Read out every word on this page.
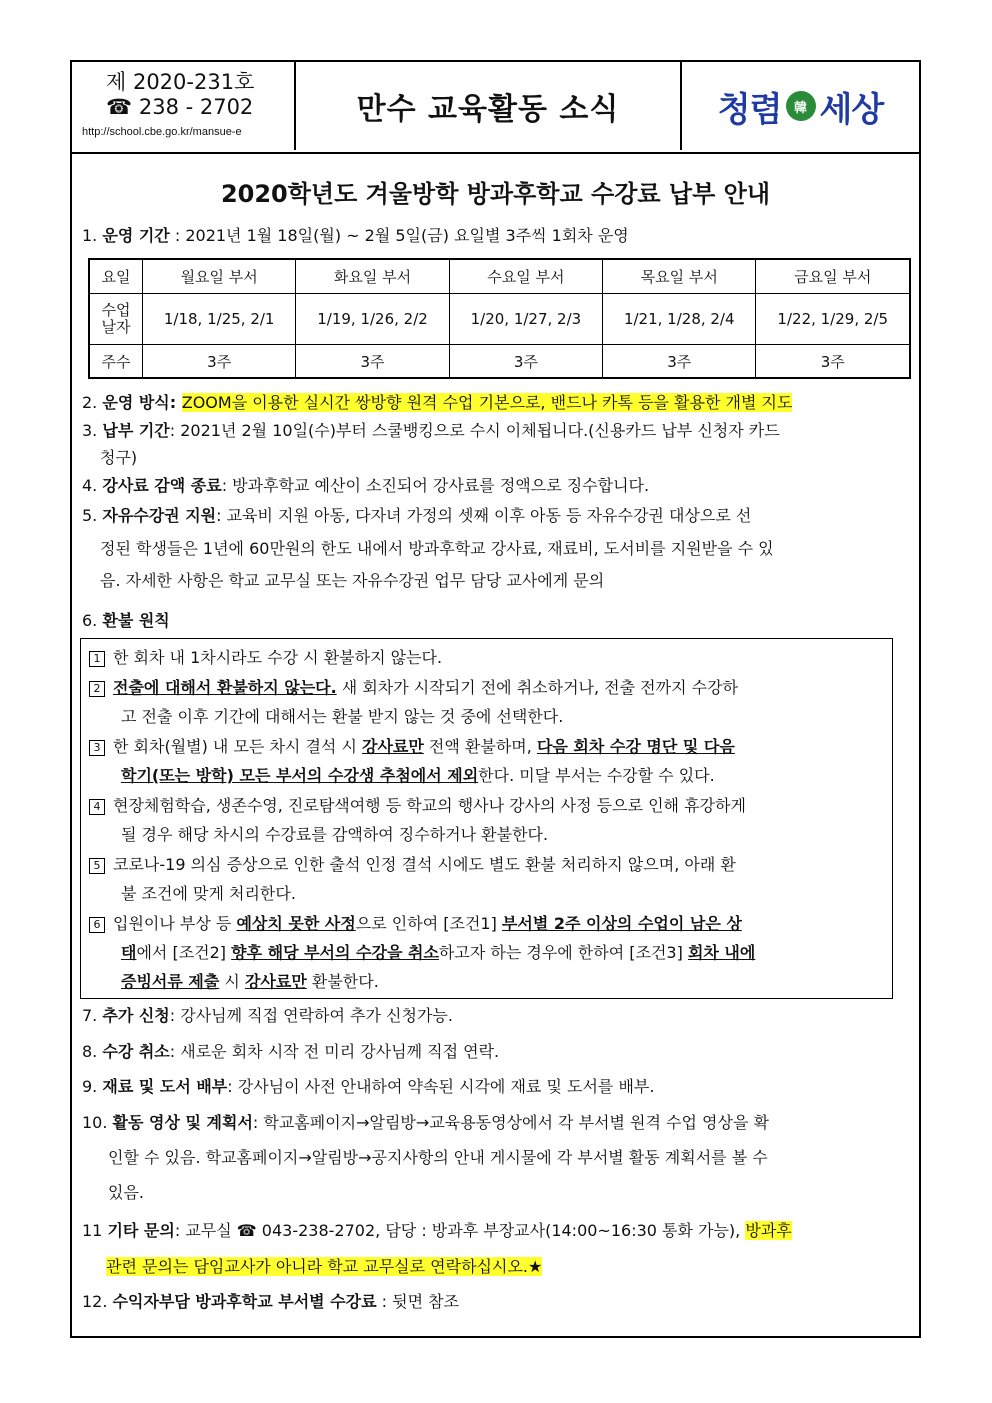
제 2020-231호
☎ 238 - 2702
http://school.cbe.go.kr/mansue-e
만수 교육활동 소식	청렴 韓 세상
2020학년도 겨울방학 방과후학교 수강료 납부 안내
1. 운영 기간 : 2021년 1월 18일(월) ~ 2월 5일(금) 요일별 3주씩 1회차 운영
요일	월요일 부서	화요일 부서	수요일 부서	목요일 부서	금요일 부서
수업
날자	1/18, 1/25, 2/1	1/19, 1/26, 2/2	1/20, 1/27, 2/3	1/21, 1/28, 2/4	1/22, 1/29, 2/5
주수	3주	3주	3주	3주	3주
2. 운영 방식: ZOOM을 이용한 실시간 쌍방향 원격 수업 기본으로, 밴드나 카톡 등을 활용한 개별 지도
3. 납부 기간: 2021년 2월 10일(수)부터 스쿨뱅킹으로 수시 이체됩니다.(신용카드 납부 신청자 카드
청구)
4. 강사료 감액 종료: 방과후학교 예산이 소진되어 강사료를 정액으로 징수합니다.
5. 자유수강권 지원: 교육비 지원 아동, 다자녀 가정의 셋째 이후 아동 등 자유수강권 대상으로 선
정된 학생들은 1년에 60만원의 한도 내에서 방과후학교 강사료, 재료비, 도서비를 지원받을 수 있
음. 자세한 사항은 학교 교무실 또는 자유수강권 업무 담당 교사에게 문의
6. 환불 원칙
1 한 회차 내 1차시라도 수강 시 환불하지 않는다.
2 전출에 대해서 환불하지 않는다. 새 회차가 시작되기 전에 취소하거나, 전출 전까지 수강하
고 전출 이후 기간에 대해서는 환불 받지 않는 것 중에 선택한다.
3 한 회차(월별) 내 모든 차시 결석 시 강사료만 전액 환불하며, 다음 회차 수강 명단 및 다음
학기(또는 방학) 모든 부서의 수강생 추첨에서 제외한다. 미달 부서는 수강할 수 있다.
4 현장체험학습, 생존수영, 진로탐색여행 등 학교의 행사나 강사의 사정 등으로 인해 휴강하게
될 경우 해당 차시의 수강료를 감액하여 징수하거나 환불한다.
5 코로나-19 의심 증상으로 인한 출석 인정 결석 시에도 별도 환불 처리하지 않으며, 아래 환
불 조건에 맞게 처리한다.
6 입원이나 부상 등 예상치 못한 사정으로 인하여 [조건1] 부서별 2주 이상의 수업이 남은 상
태에서 [조건2] 향후 해당 부서의 수강을 취소하고자 하는 경우에 한하여 [조건3] 회차 내에
증빙서류 제출 시 강사료만 환불한다.
7. 추가 신청: 강사님께 직접 연락하여 추가 신청가능.
8. 수강 취소: 새로운 회차 시작 전 미리 강사님께 직접 연락.
9. 재료 및 도서 배부: 강사님이 사전 안내하여 약속된 시각에 재료 및 도서를 배부.
10. 활동 영상 및 계획서: 학교홈페이지→알림방→교육용동영상에서 각 부서별 원격 수업 영상을 확
인할 수 있음. 학교홈페이지→알림방→공지사항의 안내 게시물에 각 부서별 활동 계획서를 볼 수
있음.
11 기타 문의: 교무실 ☎ 043-238-2702, 담당 : 방과후 부장교사(14:00~16:30 통화 가능), 방과후
관련 문의는 담임교사가 아니라 학교 교무실로 연락하십시오.★
12. 수익자부담 방과후학교 부서별 수강료 : 뒷면 참조
